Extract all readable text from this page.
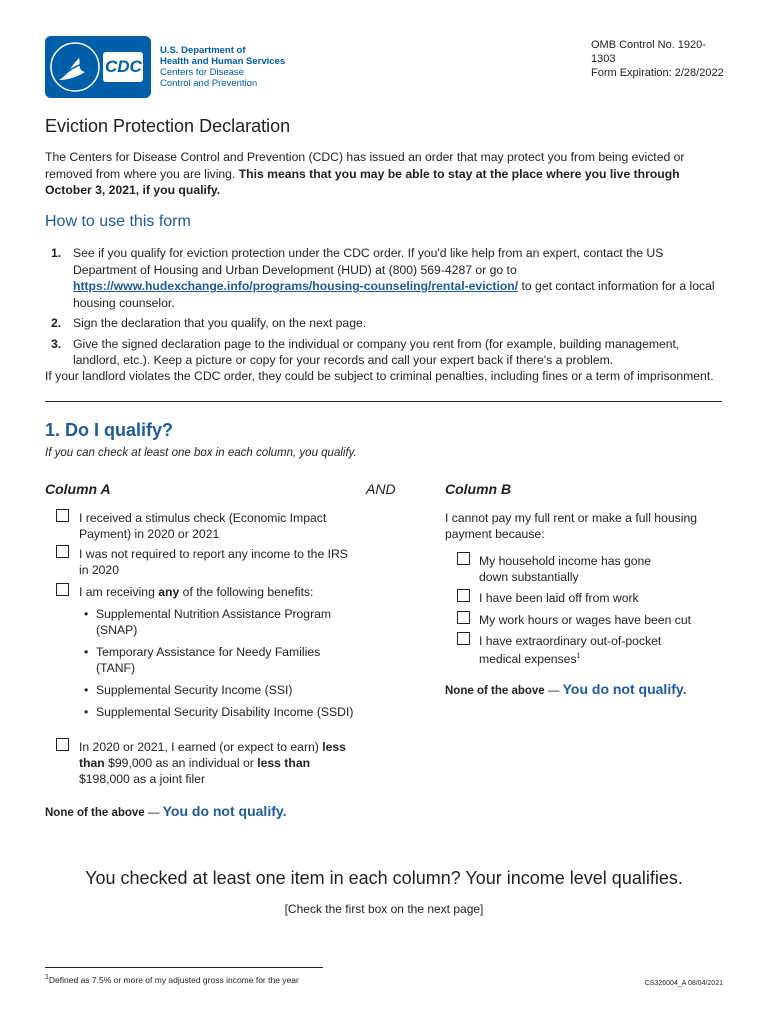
CDC
U.S. Department of
Health and Human Services
Centers for Disease
Control and Prevention
OMB Control No. 1920-1303
Form Expiration: 2/28/2022
Eviction Protection Declaration
The Centers for Disease Control and Prevention (CDC) has issued an order that may protect you from being evicted or removed from where you are living. This means that you may be able to stay at the place where you live through October 3, 2021, if you qualify.
How to use this form
1. See if you qualify for eviction protection under the CDC order. If you'd like help from an expert, contact the US Department of Housing and Urban Development (HUD) at (800) 569-4287 or go to https://www.hudexchange.info/programs/housing-counseling/rental-eviction/ to get contact information for a local housing counselor.
2. Sign the declaration that you qualify, on the next page.
3. Give the signed declaration page to the individual or company you rent from (for example, building management, landlord, etc.). Keep a picture or copy for your records and call your expert back if there's a problem.
If your landlord violates the CDC order, they could be subject to criminal penalties, including fines or a term of imprisonment.
1. Do I qualify?
If you can check at least one box in each column, you qualify.
Column A	AND
I received a stimulus check (Economic Impact Payment) in 2020 or 2021
I was not required to report any income to the IRS in 2020
I am receiving any of the following benefits:
• Supplemental Nutrition Assistance Program (SNAP)
• Temporary Assistance for Needy Families (TANF)
• Supplemental Security Income (SSI)
• Supplemental Security Disability Income (SSDI)
In 2020 or 2021, I earned (or expect to earn) less than $99,000 as an individual or less than $198,000 as a joint filer
None of the above — You do not qualify.
Column B
I cannot pay my full rent or make a full housing payment because:
My household income has gone down substantially
I have been laid off from work
My work hours or wages have been cut
I have extraordinary out-of-pocket medical expenses$^1$
None of the above — You do not qualify.
You checked at least one item in each column? Your income level qualifies.
[Check the first box on the next page]
$^1$Defined as 7.5% or more of my adjusted gross income for the year	CS326004_A 08/04/2021
